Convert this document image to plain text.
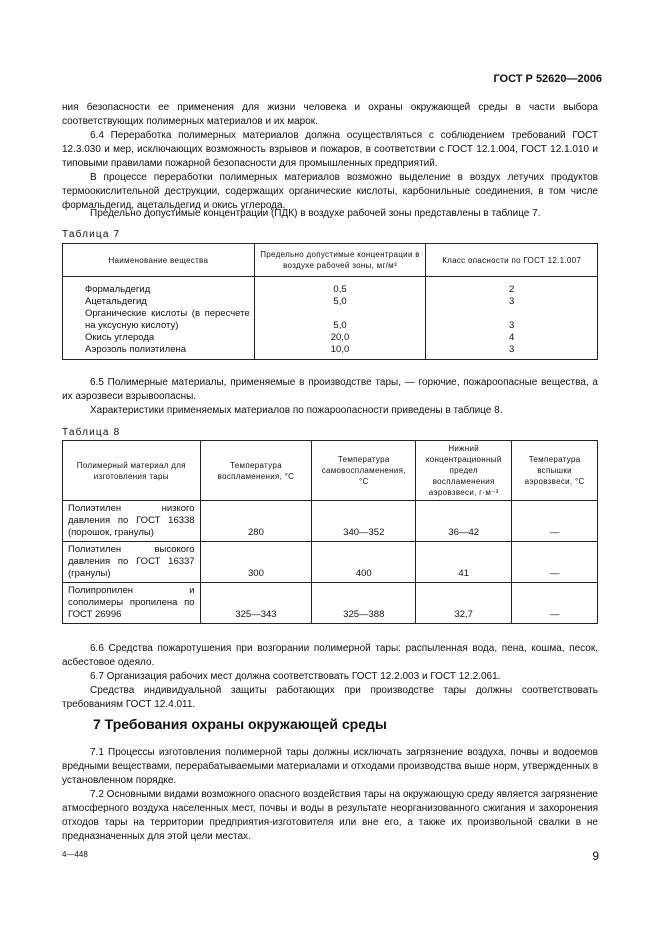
ГОСТ Р 52620—2006

ния безопасности ее применения для жизни человека и охраны окружающей среды в части выбора соответствующих полимерных материалов и их марок.

6.4 Переработка полимерных материалов должна осуществляться с соблюдением требований ГОСТ 12.3.030 и мер, исключающих возможность взрывов и пожаров, в соответствии с ГОСТ 12.1.004, ГОСТ 12.1.010 и типовыми правилами пожарной безопасности для промышленных предприятий.

В процессе переработки полимерных материалов возможно выделение в воздух летучих продуктов термоокислительной деструкции, содержащих органические кислоты, карбонильные соединения, в том числе формальдегид, ацетальдегид и окись углерода.

Предельно допустимые концентрации (ПДК) в воздухе рабочей зоны представлены в таблице 7.

Таблица 7
Наименование вещества	Предельно допустимые концентрации в воздухе рабочей зоны, мг/м³	Класс опасности по ГОСТ 12.1.007

Формальдегид	0,5	2
Ацетальдегид	5,0	3
Органические кислоты (в пересчете на уксусную кислоту)	5,0	3
Окись углерода	20,0	4
Аэрозоль полиэтилена	10,0	3

6.5 Полимерные материалы, применяемые в производстве тары, — горючие, пожароопасные вещества, а их аэрозвеси взрывоопасны.

Характеристики применяемых материалов по пожароопасности приведены в таблице 8.

Таблица 8
Полимерный материал для изготовления тары	Температура воспламенения, °С	Температура самовоспламенения, °С	Нижний концентрационный предел воспламенения аэровзвеси, г·м⁻³	Температура вспышки аэровзвеси, °С
Полиэтилен низкого давления по ГОСТ 16338 (порошок, гранулы)	280	340—352	36—42	—
Полиэтилен высокого давления по ГОСТ 16337 (гранулы)	300	400	41	—
Полипропилен и сополимеры пропилена по ГОСТ 26996	325—343	325—388	32,7	—

6.6 Средства пожаротушения при возгорании полимерной тары: распыленная вода, пена, кошма, песок, асбестовое одеяло.

6.7 Организация рабочих мест должна соответствовать ГОСТ 12.2.003 и ГОСТ 12.2.061.

Средства индивидуальной защиты работающих при производстве тары должны соответствовать требованиям ГОСТ 12.4.011.

7 Требования охраны окружающей среды

7.1 Процессы изготовления полимерной тары должны исключать загрязнение воздуха, почвы и водоемов вредными веществами, перерабатываемыми материалами и отходами производства выше норм, утвержденных в установленном порядке.

7.2 Основными видами возможного опасного воздействия тары на окружающую среду является загрязнение атмосферного воздуха населенных мест, почвы и воды в результате неорганизованного сжигания и захоронения отходов тары на территории предприятия-изготовителя или вне его, а также их произвольной свалки в не предназначенных для этой цели местах.

4—448	9
